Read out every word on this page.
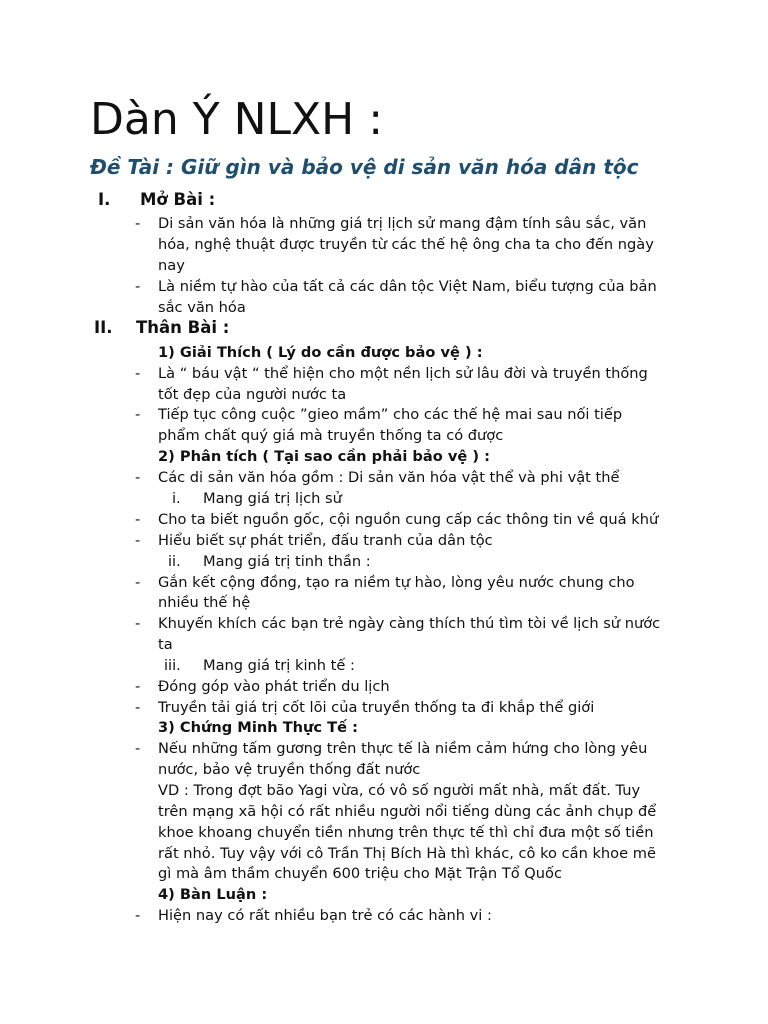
Dàn Ý NLXH :
Đề Tài : Giữ gìn và bảo vệ di sản văn hóa dân tộc
I. Mở Bài :
- Di sản văn hóa là những giá trị lịch sử mang đậm tính sâu sắc, văn
hóa, nghệ thuật được truyền từ các thế hệ ông cha ta cho đến ngày
nay
- Là niềm tự hào của tất cả các dân tộc Việt Nam, biểu tượng của bản
sắc văn hóa
II. Thân Bài :
1) Giải Thích ( Lý do cần được bảo vệ ) :
- Là “ báu vật “ thể hiện cho một nền lịch sử lâu đời và truyền thống
tốt đẹp của người nước ta
- Tiếp tục công cuộc ”gieo mầm” cho các thế hệ mai sau nối tiếp
phẩm chất quý giá mà truyền thống ta có được
2) Phân tích ( Tại sao cần phải bảo vệ ) :
- Các di sản văn hóa gồm : Di sản văn hóa vật thể và phi vật thể
i. Mang giá trị lịch sử
- Cho ta biết nguồn gốc, cội nguồn cung cấp các thông tin về quá khứ
- Hiểu biết sự phát triển, đấu tranh của dân tộc
ii. Mang giá trị tinh thần :
- Gắn kết cộng đồng, tạo ra niềm tự hào, lòng yêu nước chung cho
nhiều thế hệ
- Khuyến khích các bạn trẻ ngày càng thích thú tìm tòi về lịch sử nước
ta
iii. Mang giá trị kinh tế :
- Đóng góp vào phát triển du lịch
- Truyền tải giá trị cốt lõi của truyền thống ta đi khắp thể giới
3) Chứng Minh Thực Tế :
- Nếu những tấm gương trên thực tế là niềm cảm hứng cho lòng yêu
nước, bảo vệ truyền thống đất nước
VD : Trong đợt bão Yagi vừa, có vô số người mất nhà, mất đất. Tuy
trên mạng xã hội có rất nhiều người nổi tiếng dùng các ảnh chụp để
khoe khoang chuyển tiền nhưng trên thực tế thì chỉ đưa một số tiền
rất nhỏ. Tuy vậy với cô Trần Thị Bích Hà thì khác, cô ko cần khoe mẽ
gì mà âm thầm chuyển 600 triệu cho Mặt Trận Tổ Quốc
4) Bàn Luận :
- Hiện nay có rất nhiều bạn trẻ có các hành vi :
